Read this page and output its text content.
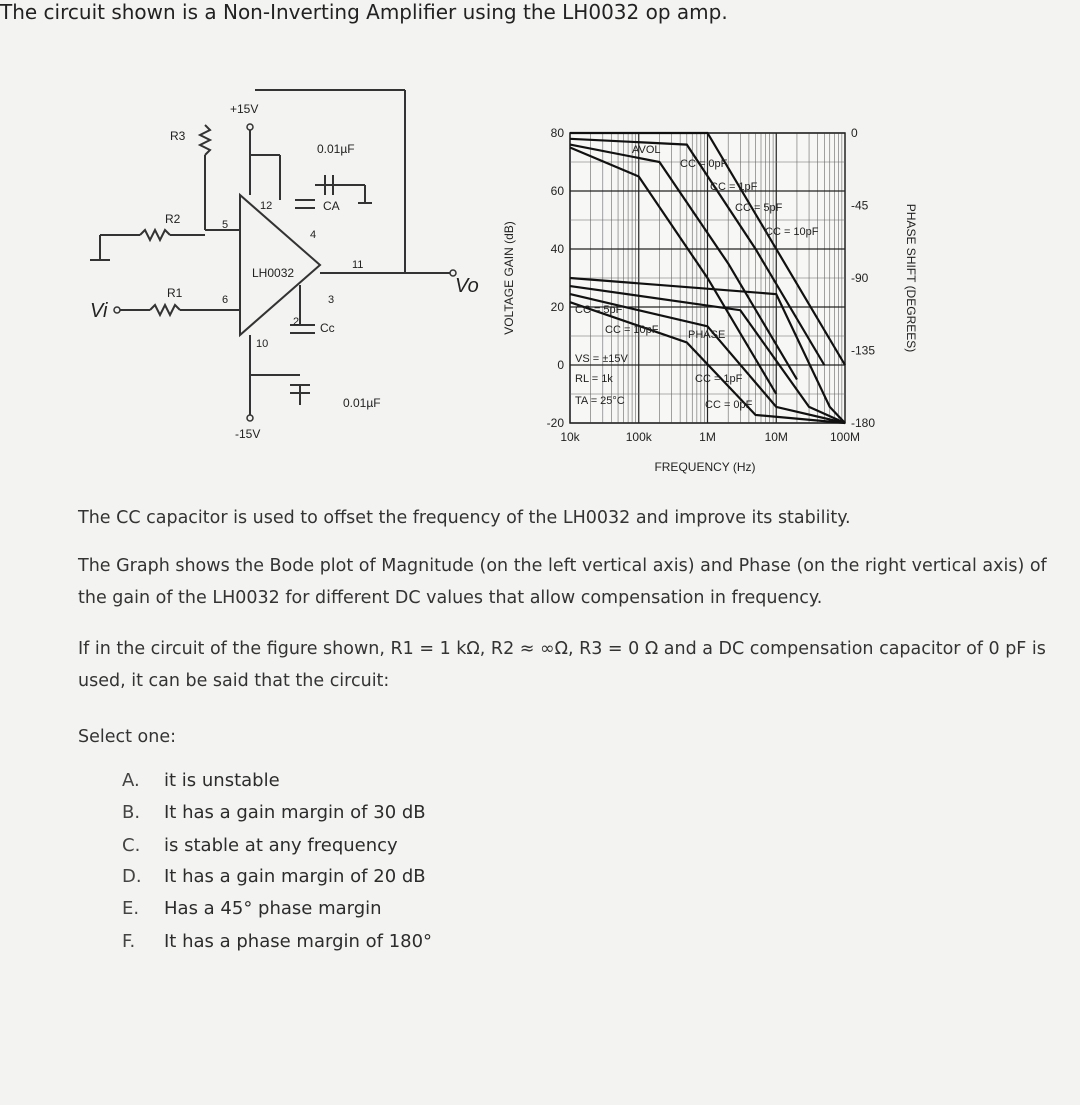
The circuit shown is a Non-Inverting Amplifier using the LH0032 op amp.
+15V
-15V
R3
R2
R1
Vi
Vo
LH0032
0.01µF
0.01µF
CA
Cc
12
5
4
11
6	3
2
10
10k	100k	1M	10M	100M
80
60
40
20
0
-20
0
-45
-90
-135
-180
AVOL
PHASE
CC = 0pF
CC = 1pF
CC = 5pF
CC = 10pF
CC = 5pF
CC = 10pF
CC = 1pF
CC = 0pF
VS = ±15V
RL = 1k
TA = 25°C
FREQUENCY (Hz)
VOLTAGE GAIN (dB)	PHASE SHIFT (DEGREES)
The CC capacitor is used to offset the frequency of the LH0032 and improve its stability.
The Graph shows the Bode plot of Magnitude (on the left vertical axis) and Phase (on the right vertical axis) of the gain of the LH0032 for different DC values that allow compensation in frequency.
If in the circuit of the figure shown, R1 = 1 kΩ, R2 ≈ ∞Ω, R3 = 0 Ω and a DC compensation capacitor of 0 pF is used, it can be said that the circuit:
Select one:
A. it is unstable
B. It has a gain margin of 30 dB
C. is stable at any frequency
D. It has a gain margin of 20 dB
E. Has a 45° phase margin
F. It has a phase margin of 180°
